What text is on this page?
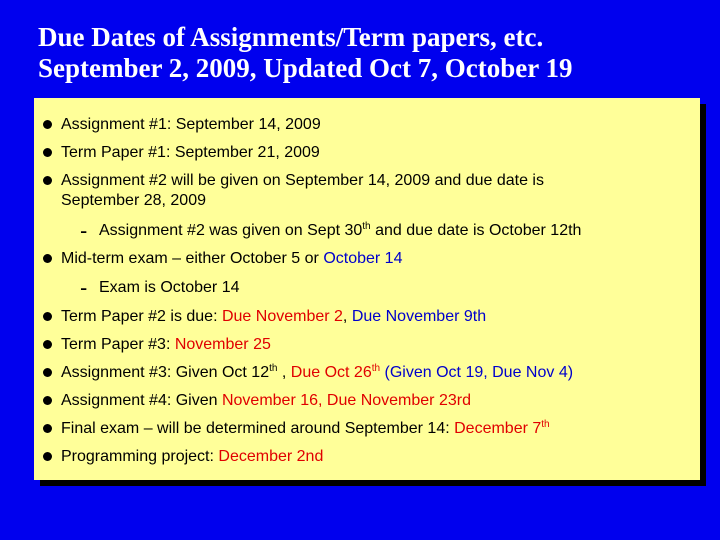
Due Dates of Assignments/Term papers, etc.
September 2, 2009, Updated Oct 7, October 19
Assignment #1: September 14, 2009
Term Paper #1: September 21, 2009
Assignment #2 will be given on September 14, 2009 and due date is
September 28, 2009
- Assignment #2 was given on Sept 30th and due date is October 12th
Mid-term exam – either October 5 or October 14
- Exam is October 14
Term Paper #2 is due: Due November 2, Due November 9th
Term Paper #3: November 25
Assignment #3: Given Oct 12th , Due Oct 26th (Given Oct 19, Due Nov 4)
Assignment #4: Given November 16, Due November 23rd
Final exam – will be determined around September 14: December 7th
Programming project: December 2nd
